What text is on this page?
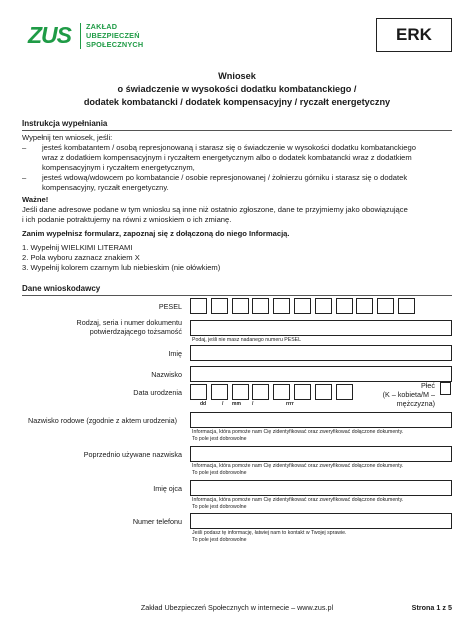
ZUS ZAKŁAD
UBEZPIECZEŃ
SPOŁECZNYCH
ERK
Wniosek
o świadczenie w wysokości dodatku kombatanckiego /
dodatek kombatancki / dodatek kompensacyjny / ryczałt energetyczny
Instrukcja wypełniania
Wypełnij ten wniosek, jeśli:
– jesteś kombatantem / osobą represjonowaną i starasz się o świadczenie w wysokości dodatku kombatanckiego
wraz z dodatkiem kompensacyjnym i ryczałtem energetycznym albo o dodatek kombatancki wraz z dodatkiem
kompensacyjnym i ryczałtem energetycznym,
– jesteś wdową/wdowcem po kombatancie / osobie represjonowanej / żołnierzu górniku i starasz się o dodatek
kompensacyjny, ryczałt energetyczny.
Ważne!
Jeśli dane adresowe podane w tym wniosku są inne niż ostatnio zgłoszone, dane te przyjmiemy jako obowiązujące
i ich podanie potraktujemy na równi z wnioskiem o ich zmianę.
Zanim wypełnisz formularz, zapoznaj się z dołączoną do niego Informacją.
1. Wypełnij WIELKIMI LITERAMI
2. Pola wyboru zaznacz znakiem X
3. Wypełnij kolorem czarnym lub niebieskim (nie ołówkiem)
Dane wnioskodawcy
PESEL
Rodzaj, seria i numer dokumentu
potwierdzającego tożsamość
Podaj, jeśli nie masz nadanego numeru PESEL
Imię
Nazwisko
Data urodzenia
dd	/ mm /	rrrr
Płeć
(K – kobieta/M – mężczyzna)
Nazwisko rodowe (zgodnie z aktem urodzenia)
Informacja, która pomoże nam Cię zidentyfikować oraz zweryfikować dołączone dokumenty.
To pole jest dobrowolne
Poprzednio używane nazwiska
Informacja, która pomoże nam Cię zidentyfikować oraz zweryfikować dołączone dokumenty.
To pole jest dobrowolne
Imię ojca
Informacja, która pomoże nam Cię zidentyfikować oraz zweryfikować dołączone dokumenty.
To pole jest dobrowolne
Numer telefonu
Jeśli podasz tę informację, łatwiej nam to kontakt w Twojej sprawie.
To pole jest dobrowolne
Zakład Ubezpieczeń Społecznych w internecie – www.zus.pl	Strona 1 z 5
